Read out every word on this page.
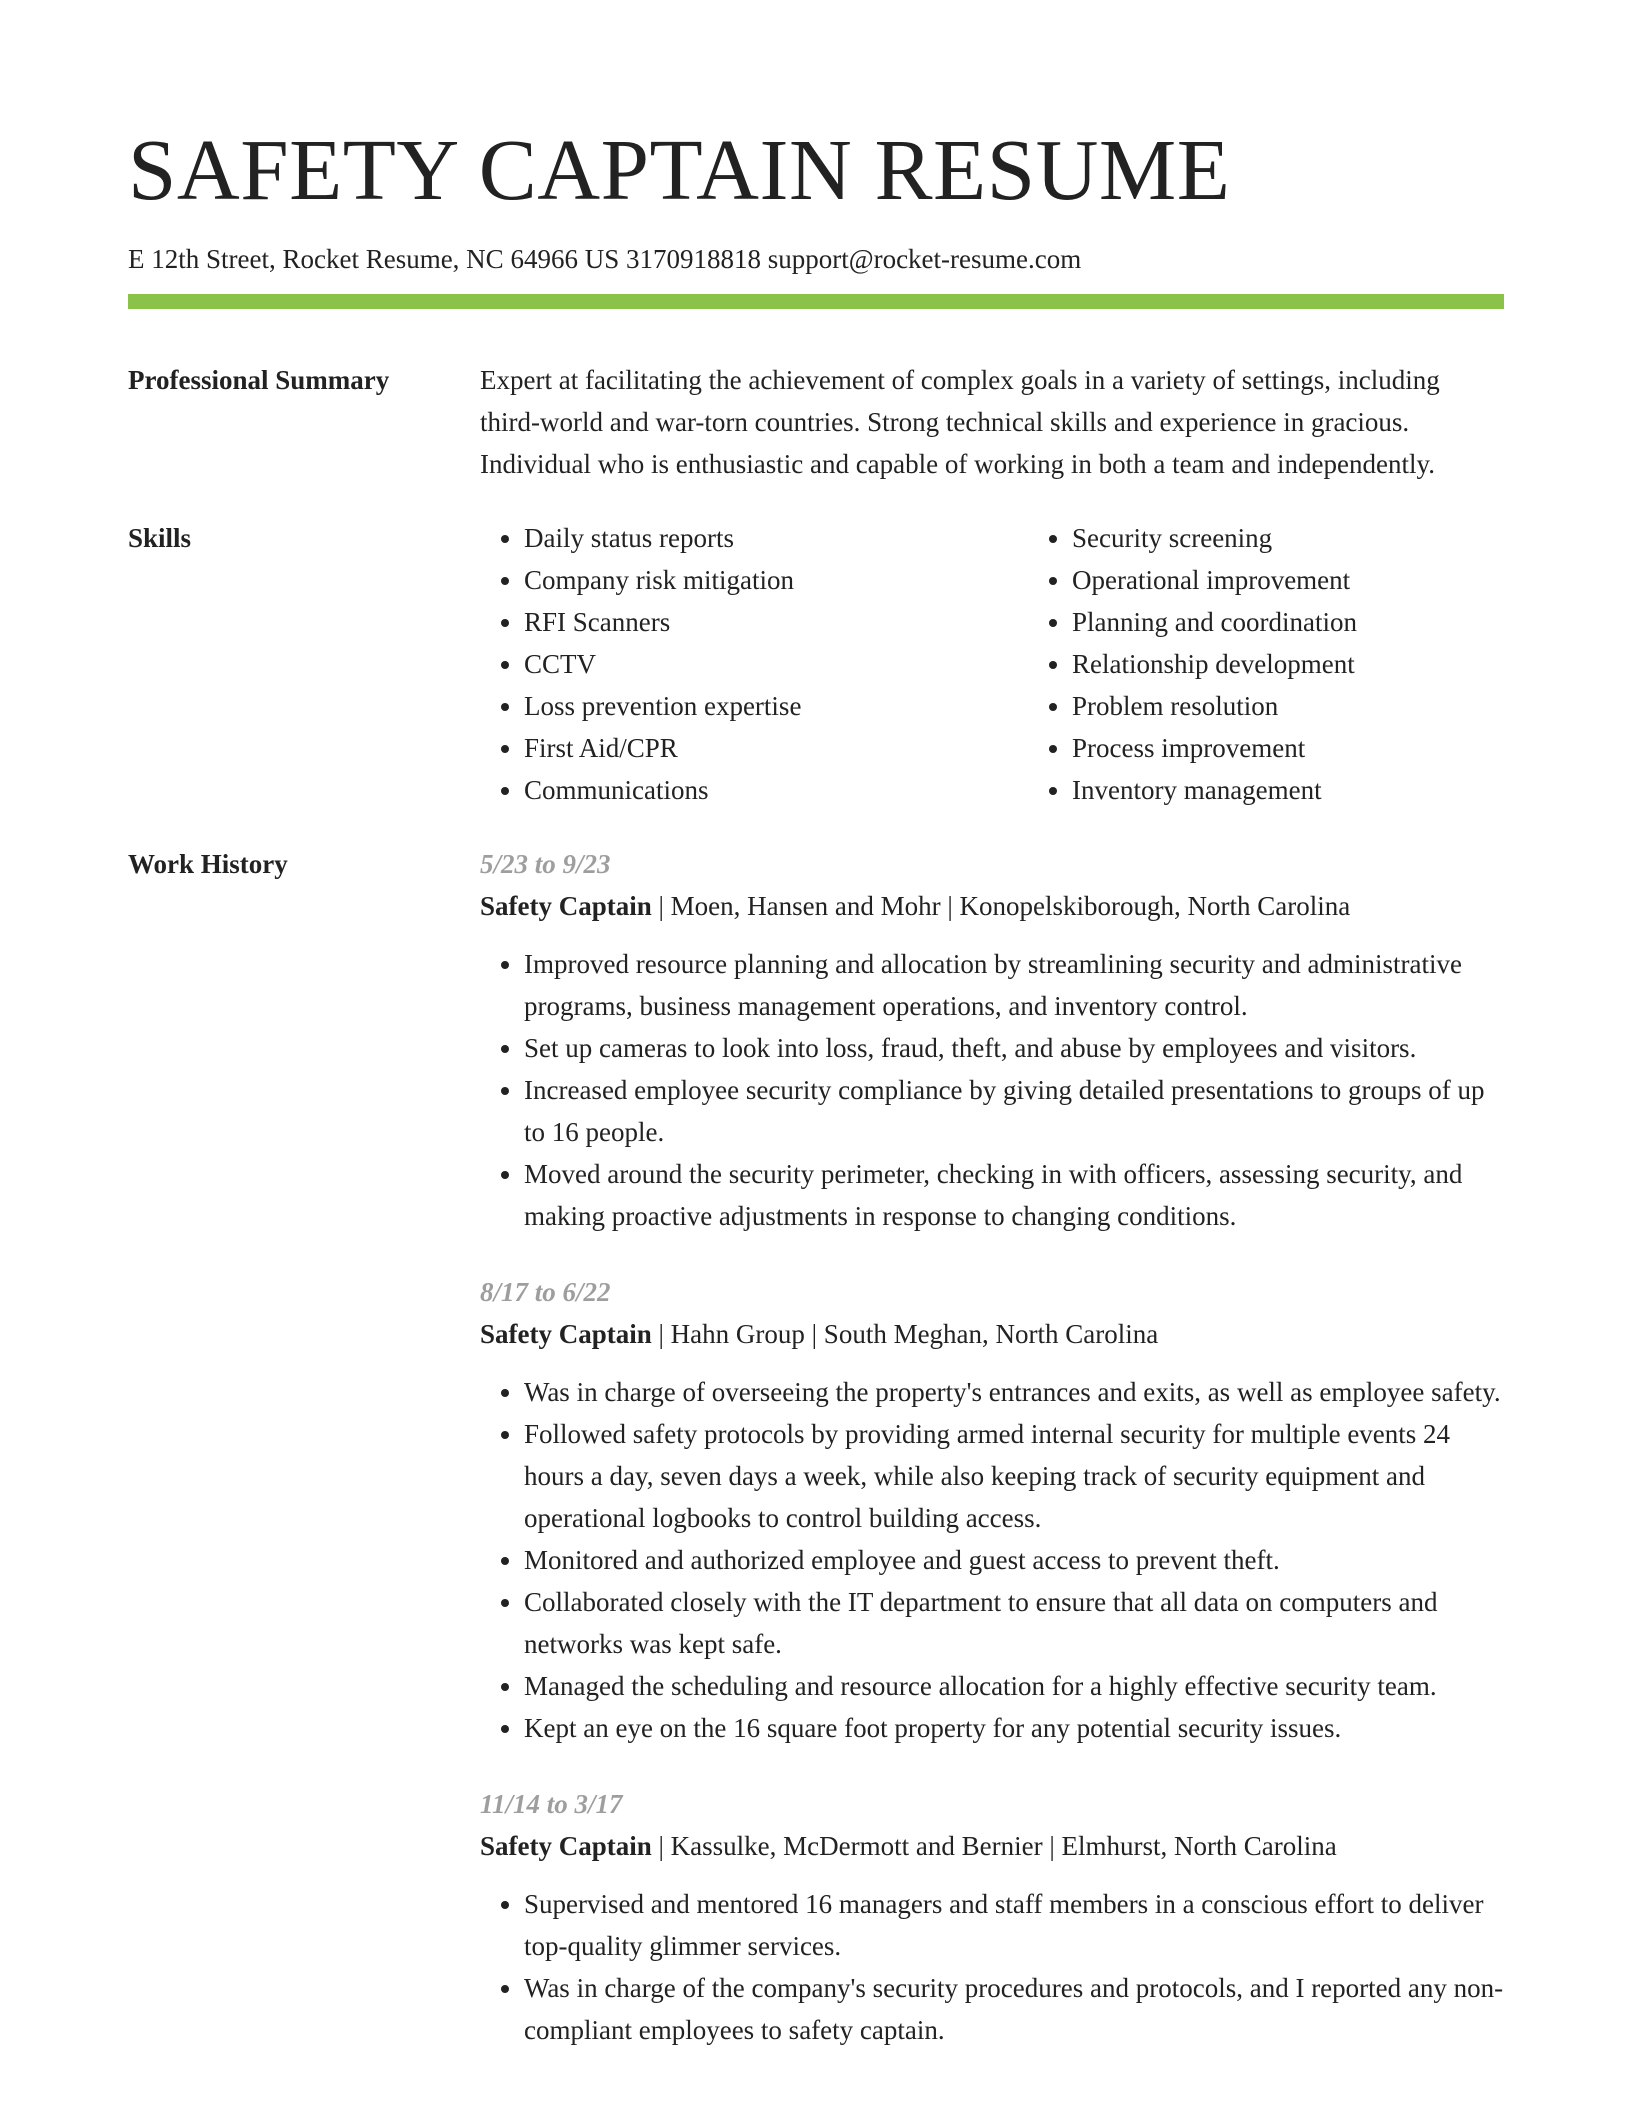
SAFETY CAPTAIN RESUME
E 12th Street, Rocket Resume, NC 64966 US 3170918818 support@rocket-resume.com
Professional Summary	Expert at facilitating the achievement of complex goals in a variety of settings, including third-world and war-torn countries. Strong technical skills and experience in gracious. Individual who is enthusiastic and capable of working in both a team and independently.

Skills
•	Daily status reports
• Company risk mitigation
• RFI Scanners
• CCTV
• Loss prevention expertise
• First Aid/CPR
• Communications
• Security screening
• Operational improvement
• Planning and coordination
• Relationship development
• Problem resolution
• Process improvement
• Inventory management
Work History	5/23 to 9/23
Safety Captain | Moen, Hansen and Mohr | Konopelskiborough, North Carolina
• Improved resource planning and allocation by streamlining security and administrative programs, business management operations, and inventory control.
• Set up cameras to look into loss, fraud, theft, and abuse by employees and visitors.
• Increased employee security compliance by giving detailed presentations to groups of up to 16 people.
• Moved around the security perimeter, checking in with officers, assessing security, and making proactive adjustments in response to changing conditions.
8/17 to 6/22
Safety Captain | Hahn Group | South Meghan, North Carolina
• Was in charge of overseeing the property's entrances and exits, as well as employee safety.
• Followed safety protocols by providing armed internal security for multiple events 24 hours a day, seven days a week, while also keeping track of security equipment and operational logbooks to control building access.
• Monitored and authorized employee and guest access to prevent theft.
• Collaborated closely with the IT department to ensure that all data on computers and networks was kept safe.
• Managed the scheduling and resource allocation for a highly effective security team.
• Kept an eye on the 16 square foot property for any potential security issues.
11/14 to 3/17
Safety Captain | Kassulke, McDermott and Bernier | Elmhurst, North Carolina
• Supervised and mentored 16 managers and staff members in a conscious effort to deliver top-quality glimmer services.
• Was in charge of the company's security procedures and protocols, and I reported any non-compliant employees to safety captain.
